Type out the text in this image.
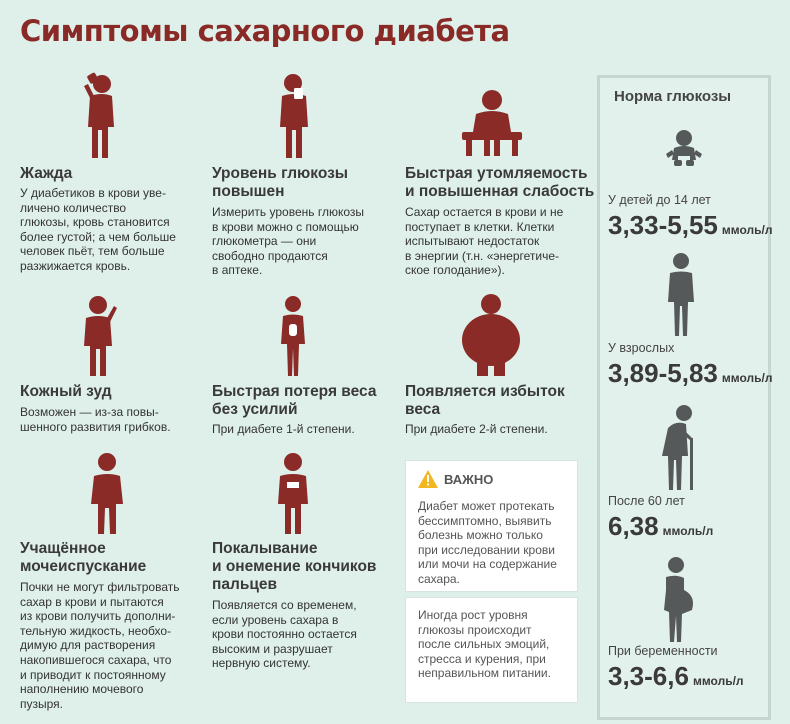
Симптомы сахарного диабета
Жажда
У диабетиков в крови уве-
личено количество
глюкозы, кровь становится
более густой; а чем больше
человек пьёт, тем больше
разжижается кровь.
Уровень глюкозы
повышен
Измерить уровень глюкозы
в крови можно с помощью
глюкометра — они
свободно продаются
в аптеке.
Быстрая утомляемость
и повышенная слабость
Сахар остается в крови и не
поступает в клетки. Клетки
испытывают недостаток
в энергии (т.н. «энергетиче-
ское голодание»).
Кожный зуд
Возможен — из-за повы-
шенного развития грибков.
Быстрая потеря веса
без усилий
При диабете 1-й степени.
Появляется избыток
веса
При диабете 2-й степени.
Учащённое
мочеиспускание
Почки не могут фильтровать
сахар в крови и пытаются
из крови получить дополни-
тельную жидкость, необхо-
димую для растворения
накопившегося сахара, что
и приводит к постоянному
наполнению мочевого
пузыря.
Покалывание
и онемение кончиков
пальцев
Появляется со временем,
если уровень сахара в
крови постоянно остается
высоким и разрушает
нервную систему.
ВАЖНО
Диабет может протекать
бессимптомно, выявить
болезнь можно только
при исследовании крови
или мочи на содержание
сахара.
Иногда рост уровня
глюкозы происходит
после сильных эмоций,
стресса и курения, при
неправильном питании.
Норма глюкозы
У детей до 14 лет
3,33-5,55 ммоль/л
У взрослых
3,89-5,83 ммоль/л
После 60 лет
6,38 ммоль/л
При беременности
3,3-6,6 ммоль/л
